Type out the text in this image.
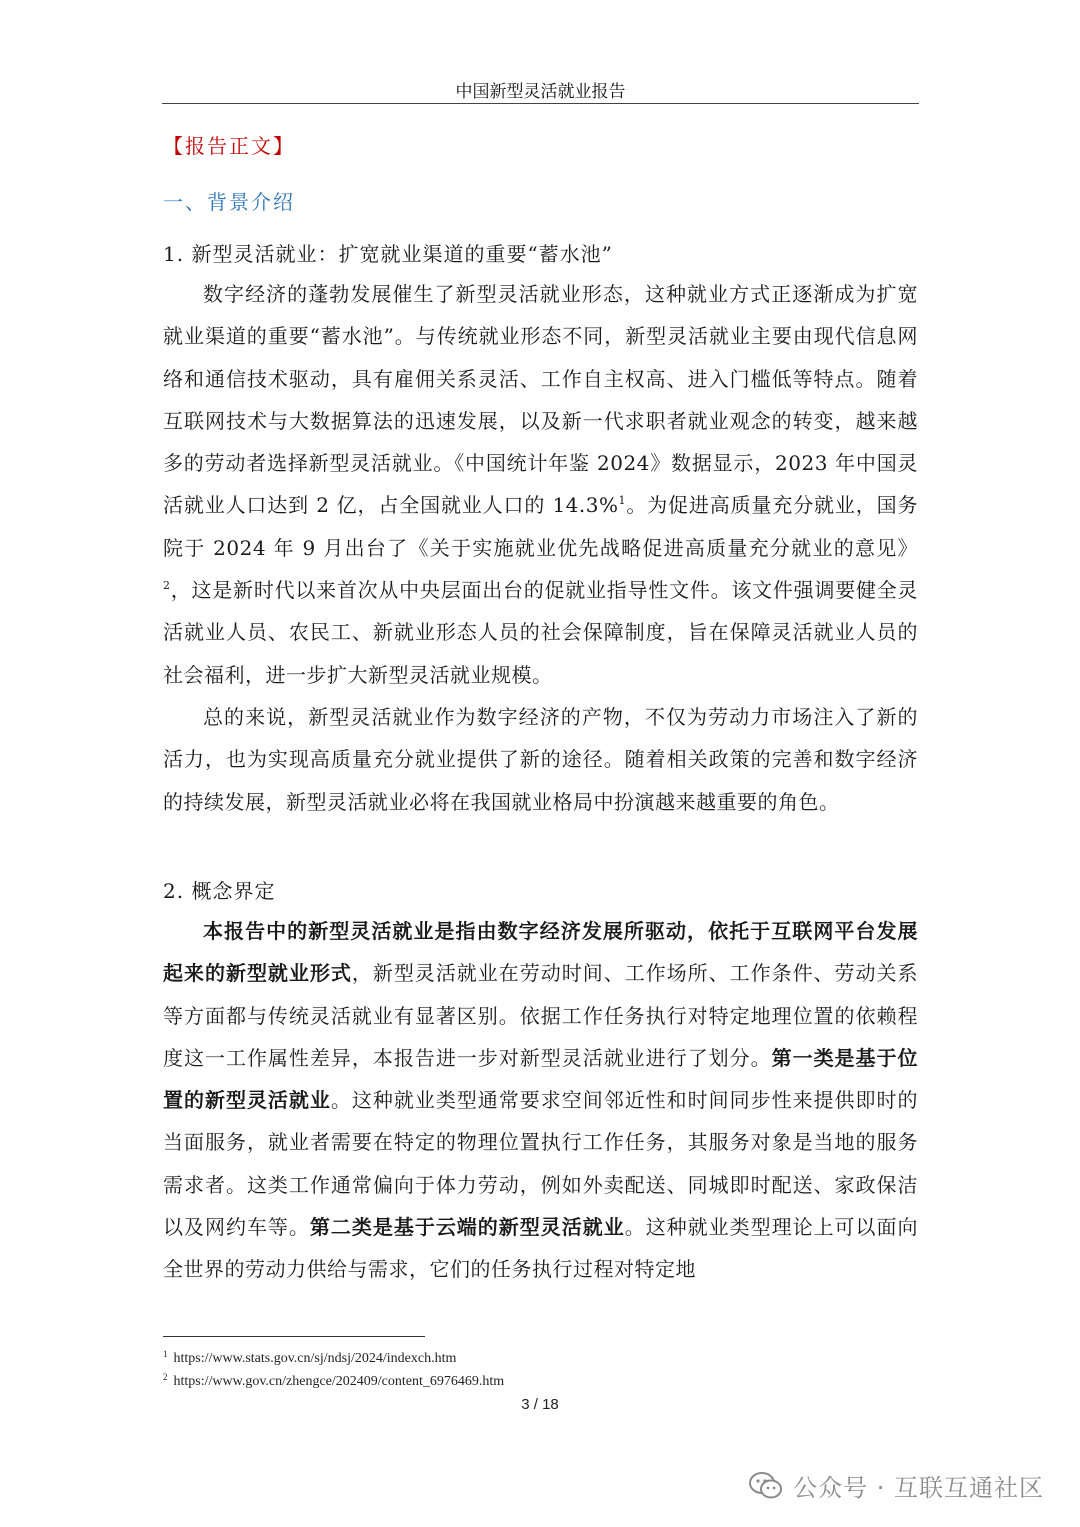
中国新型灵活就业报告
【报告正文】
一、背景介绍
1. 新型灵活就业：扩宽就业渠道的重要“蓄水池”

数字经济的蓬勃发展催生了新型灵活就业形态，这种就业方式正逐渐成为扩宽就业渠道的重要“蓄水池”。与传统就业形态不同，新型灵活就业主要由现代信息网络和通信技术驱动，具有雇佣关系灵活、工作自主权高、进入门槛低等特点。随着互联网技术与大数据算法的迅速发展，以及新一代求职者就业观念的转变，越来越多的劳动者选择新型灵活就业。《中国统计年鉴 2024》数据显示，2023 年中国灵活就业人口达到 2 亿，占全国就业人口的 14.3%$^1$。为促进高质量充分就业，国务院于 2024 年 9 月出台了《关于实施就业优先战略促进高质量充分就业的意见》$^2$，这是新时代以来首次从中央层面出台的促就业指导性文件。该文件强调要健全灵活就业人员、农民工、新就业形态人员的社会保障制度，旨在保障灵活就业人员的社会福利，进一步扩大新型灵活就业规模。

总的来说，新型灵活就业作为数字经济的产物，不仅为劳动力市场注入了新的活力，也为实现高质量充分就业提供了新的途径。随着相关政策的完善和数字经济的持续发展，新型灵活就业必将在我国就业格局中扮演越来越重要的角色。

2. 概念界定

本报告中的新型灵活就业是指由数字经济发展所驱动，依托于互联网平台发展起来的新型就业形式，新型灵活就业在劳动时间、工作场所、工作条件、劳动关系等方面都与传统灵活就业有显著区别。依据工作任务执行对特定地理位置的依赖程度这一工作属性差异，本报告进一步对新型灵活就业进行了划分。第一类是基于位置的新型灵活就业。这种就业类型通常要求空间邻近性和时间同步性来提供即时的当面服务，就业者需要在特定的物理位置执行工作任务，其服务对象是当地的服务需求者。这类工作通常偏向于体力劳动，例如外卖配送、同城即时配送、家政保洁以及网约车等。第二类是基于云端的新型灵活就业。这种就业类型理论上可以面向全世界的劳动力供给与需求，它们的任务执行过程对特定地

$^1$ https://www.stats.gov.cn/sj/ndsj/2024/indexch.htm
$^2$ https://www.gov.cn/zhengce/202409/content_6976469.htm
3 / 18
公众号 · 互联互通社区
